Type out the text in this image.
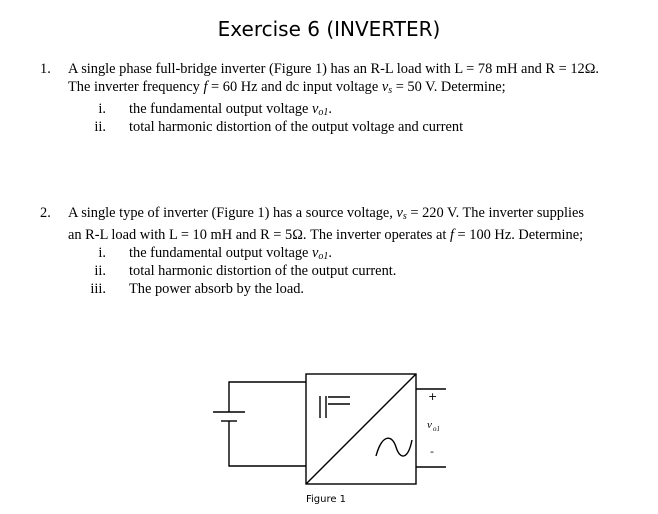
Exercise 6 (INVERTER)
1. A single phase full-bridge inverter (Figure 1) has an R-L load with L = 78 mH and R = 12Ω.
The inverter frequency f = 60 Hz and dc input voltage $v_s = 50$ V. Determine;
i. the fundamental output voltage $v_{o1}$.
ii. total harmonic distortion of the output voltage and current
2. A single type of inverter (Figure 1) has a source voltage, $v_s = 220$ V. The inverter supplies
an R-L load with L = 10 mH and R = 5Ω. The inverter operates at f = 100 Hz. Determine;
i. the fundamental output voltage $v_{o1}$.
ii. total harmonic distortion of the output current.
iii. The power absorb by the load.
+
v o1
-
Figure 1
